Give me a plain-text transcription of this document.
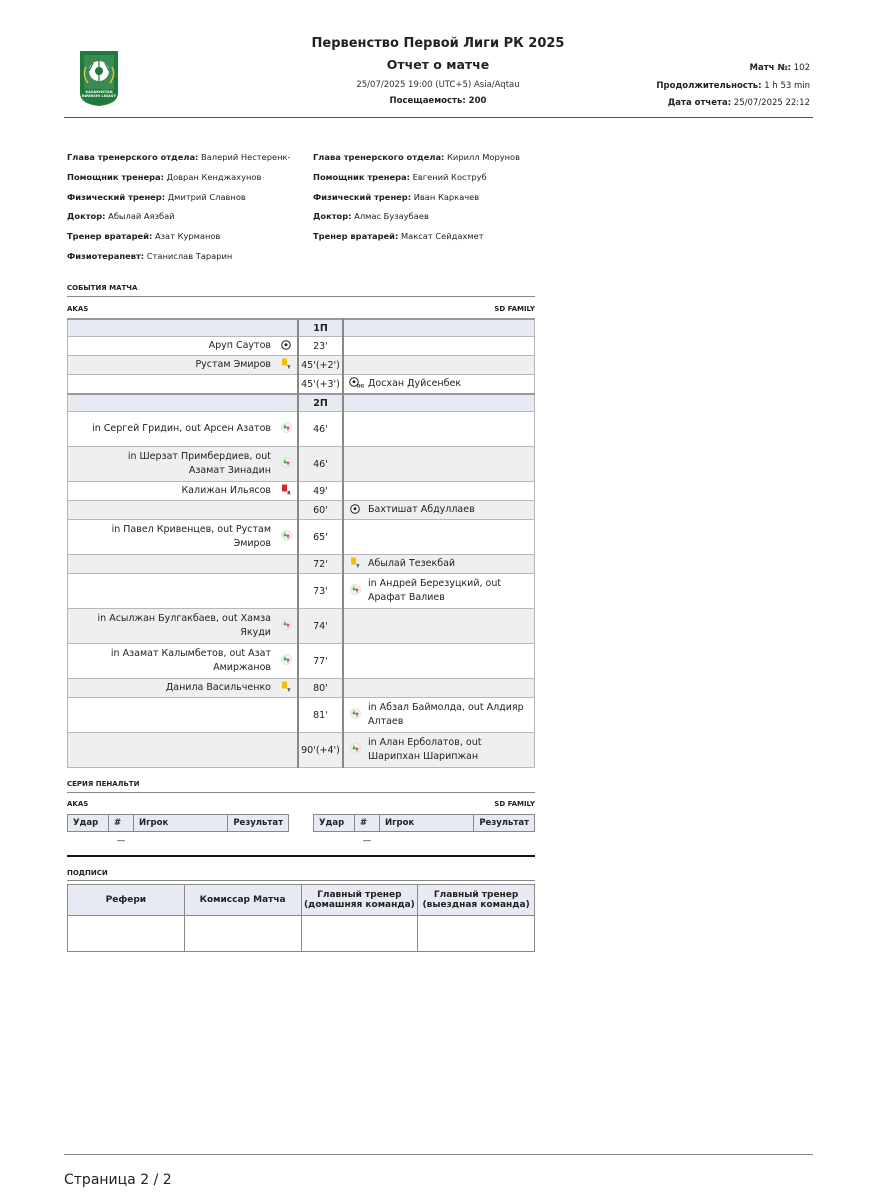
KAZAKHSTAN BIRINSHI LIGASY
Первенство Первой Лиги РК 2025
Отчет о матче
25/07/2025 19:00 (UTC+5) Asia/Aqtau
Посещаемость: 200
Матч №: 102
Продолжительность: 1 h 53 min
Дата отчета: 25/07/2025 22:12
Глава тренерского отдела: Валерий Нестеренк-
Помощник тренера: Довран Кенджахунов
Физический тренер: Дмитрий Славнов
Доктор: Абылай Аязбай
Тренер вратарей: Азат Курманов
Физиотерапевт: Станислав Тарарин
Глава тренерского отдела: Кирилл Морунов
Помощник тренера: Евгений Коструб
Физический тренер: Иван Каркачев
Доктор: Алмас Бузаубаев
Тренер вратарей: Максат Сейдахмет
СОБЫТИЯ МАТЧА
AKAS	SD FAMILY
		1П		
Аруп Саутов		23'		
Рустам Эмиров	Y	45'(+2')		
		45'(+3')	OG	Досхан Дуйсенбек
		2П		
in Сергей Гридин, out Арсен Азатов		46'		
in Шерзат Примбердиев, out Азамат Зинадин		46'		
Калижан Ильясов	R	49'		
		60'		Бахтишат Абдуллаев
in Павел Кривенцев, out Рустам Эмиров		65'		
		72'	Y	Абылай Тезекбай
		73'		in Андрей Березуцкий, out Арафат Валиев
in Асылжан Булгакбаев, out Хамза Якуди		74'		
in Азамат Калымбетов, out Азат Амиржанов		77'		
Данила Васильченко	Y	80'		
		81'		in Абзал Баймолда, out Алдияр Алтаев
		90'(+4')		in Алан Ерболатов, out Шарипхан Шарипжан
СЕРИЯ ПЕНАЛЬТИ
AKAS	SD FAMILY
Удар	#	Игрок	Результат
	—		
Удар	#	Игрок	Результат
	—		
ПОДПИСИ
Рефери	Комиссар Матча	Главный тренер (домашняя команда)	Главный тренер (выездная команда)

Страница 2 / 2
